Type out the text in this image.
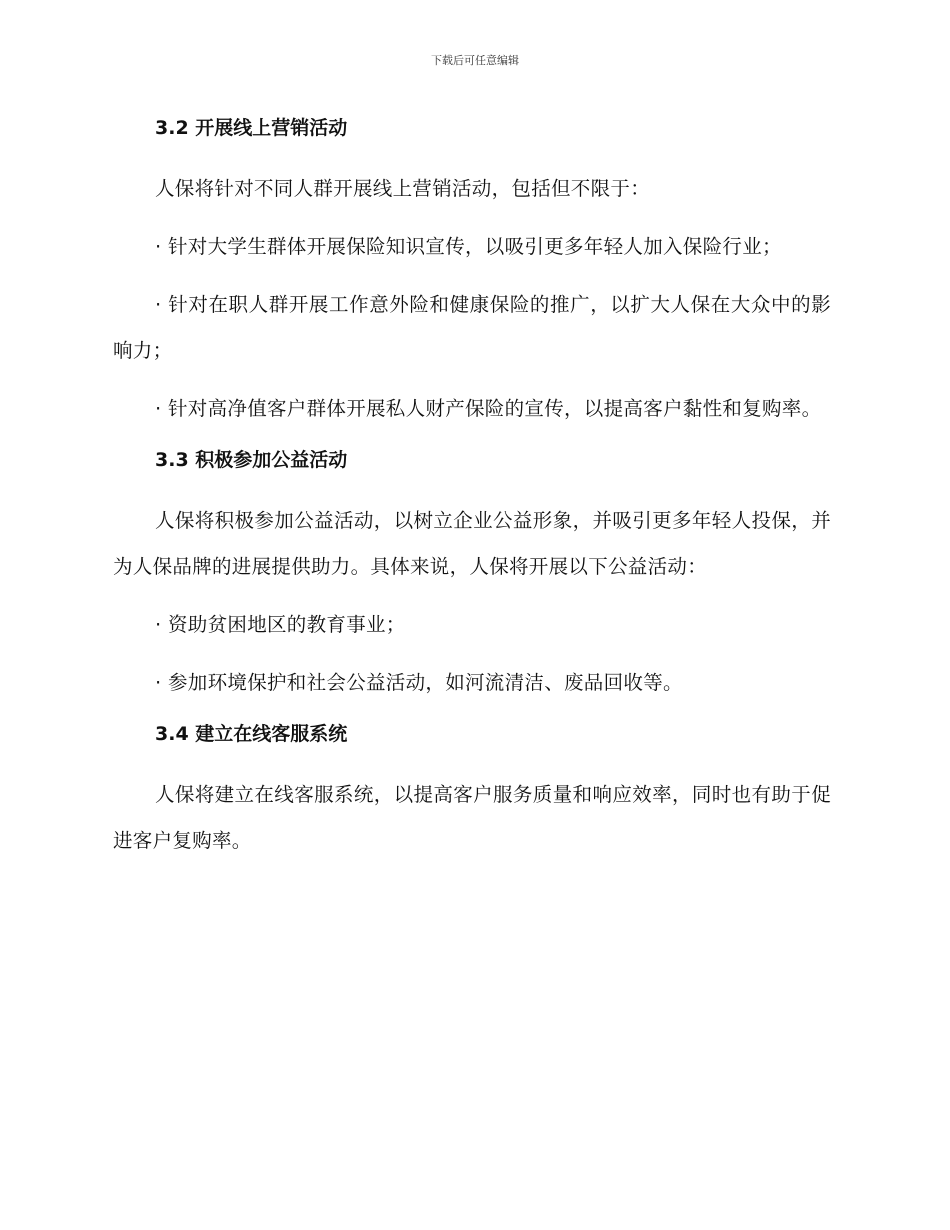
下载后可任意编辑
3.2 开展线上营销活动
人保将针对不同人群开展线上营销活动，包括但不限于：
· 针对大学生群体开展保险知识宣传，以吸引更多年轻人加入保险行业；
· 针对在职人群开展工作意外险和健康保险的推广，以扩大人保在大众中的影响力；
· 针对高净值客户群体开展私人财产保险的宣传，以提高客户黏性和复购率。
3.3 积极参加公益活动
人保将积极参加公益活动，以树立企业公益形象，并吸引更多年轻人投保，并为人保品牌的进展提供助力。具体来说，人保将开展以下公益活动：
· 资助贫困地区的教育事业；
· 参加环境保护和社会公益活动，如河流清洁、废品回收等。
3.4 建立在线客服系统
人保将建立在线客服系统，以提高客户服务质量和响应效率，同时也有助于促进客户复购率。
